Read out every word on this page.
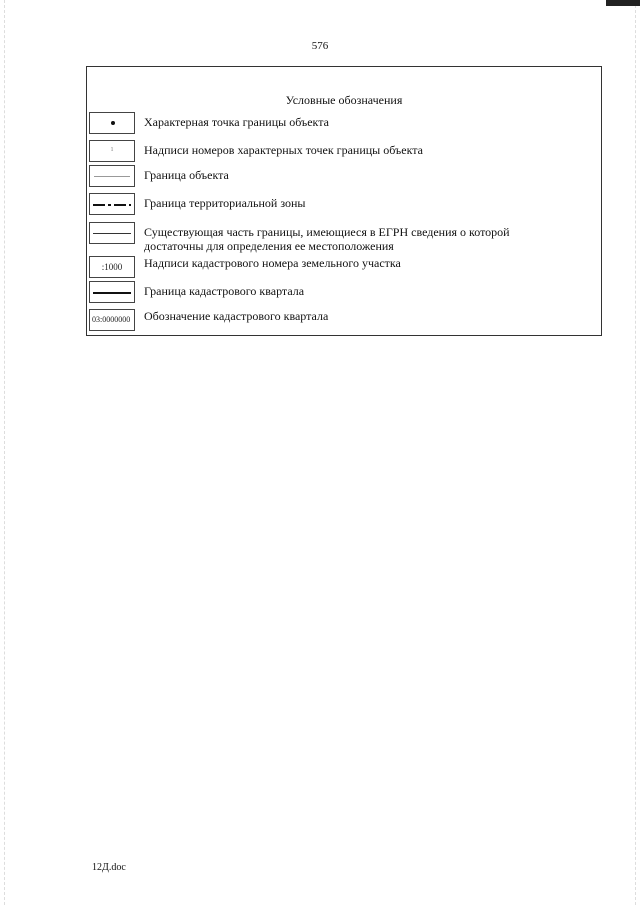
576
Условные обозначения
Характерная точка границы объекта
1	Надписи номеров характерных точек границы объекта
Граница объекта
Граница территориальной зоны
Существующая часть границы, имеющиеся в ЕГРН сведения о которой
достаточны для определения ее местоположения
:1000	Надписи кадастрового номера земельного участка
Граница кадастрового квартала
03:0000000	Обозначение кадастрового квартала
12Д.doc
